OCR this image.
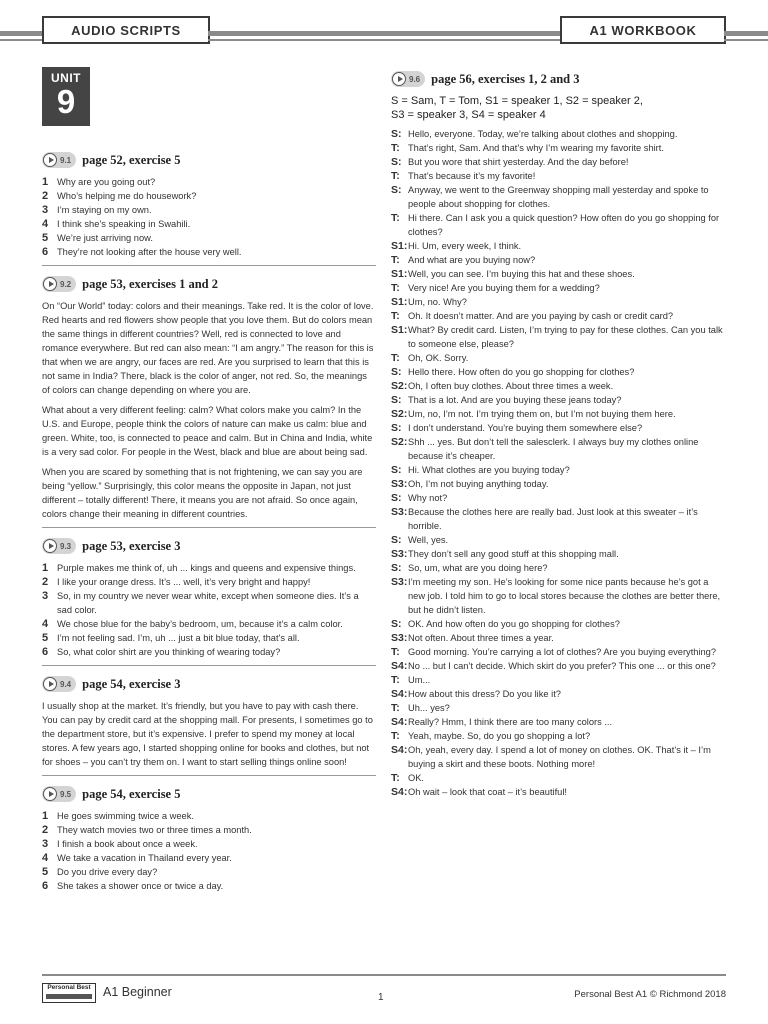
AUDIO SCRIPTS	A1 WORKBOOK
UNIT
9
9.1 page 52, exercise 5
1 Why are you going out?
2 Who’s helping me do housework?
3 I’m staying on my own.
4 I think she’s speaking in Swahili.
5 We’re just arriving now.
6 They’re not looking after the house very well.
9.2 page 53, exercises 1 and 2

On “Our World” today: colors and their meanings. Take red. It is the color of love. Red hearts and red flowers show people that you love them. But do colors mean the same things in different countries? Well, red is connected to love and romance everywhere. But red can also mean: “I am angry.” The reason for this is that when we are angry, our faces are red. Are you surprised to learn that this is not same in India? There, black is the color of anger, not red. So, the meanings of colors can change depending on where you are.

What about a very different feeling: calm? What colors make you calm? In the U.S. and Europe, people think the colors of nature can make us calm: blue and green. White, too, is connected to peace and calm. But in China and India, white is a very sad color. For people in the West, black and blue are about being sad.

When you are scared by something that is not frightening, we can say you are being “yellow.” Surprisingly, this color means the opposite in Japan, not just different – totally different! There, it means you are not afraid. So once again, colors change their meaning in different countries.

9.3 page 53, exercise 3
1 Purple makes me think of, uh ... kings and queens and expensive things.
2 I like your orange dress. It’s ... well, it’s very bright and happy!
3 So, in my country we never wear white, except when someone dies. It’s a sad color.
4 We chose blue for the baby’s bedroom, um, because it’s a calm color.
5 I’m not feeling sad. I’m, uh ... just a bit blue today, that’s all.
6 So, what color shirt are you thinking of wearing today?
9.4 page 54, exercise 3

I usually shop at the market. It’s friendly, but you have to pay with cash there. You can pay by credit card at the shopping mall. For presents, I sometimes go to the department store, but it’s expensive. I prefer to spend my money at local stores. A few years ago, I started shopping online for books and clothes, but not for shoes – you can’t try them on. I want to start selling things online soon!

9.5 page 54, exercise 5
1 He goes swimming twice a week.
2 They watch movies two or three times a month.
3 I finish a book about once a week.
4 We take a vacation in Thailand every year.
5 Do you drive every day?
6 She takes a shower once or twice a day.
9.6 page 56, exercises 1, 2 and 3
S = Sam, T = Tom, S1 = speaker 1, S2 = speaker 2,
S3 = speaker 3, S4 = speaker 4
S: Hello, everyone. Today, we’re talking about clothes and shopping.
T: That’s right, Sam. And that’s why I’m wearing my favorite shirt.
S: But you wore that shirt yesterday. And the day before!
T: That’s because it’s my favorite!
S: Anyway, we went to the Greenway shopping mall yesterday and spoke to people about shopping for clothes.
T: Hi there. Can I ask you a quick question? How often do you go shopping for clothes?
S1: Hi. Um, every week, I think.
T: And what are you buying now?
S1: Well, you can see. I’m buying this hat and these shoes.
T: Very nice! Are you buying them for a wedding?
S1: Um, no. Why?
T: Oh. It doesn’t matter. And are you paying by cash or credit card?
S1: What? By credit card. Listen, I’m trying to pay for these clothes. Can you talk to someone else, please?
T: Oh, OK. Sorry.
S: Hello there. How often do you go shopping for clothes?
S2: Oh, I often buy clothes. About three times a week.
S: That is a lot. And are you buying these jeans today?
S2: Um, no, I’m not. I’m trying them on, but I’m not buying them here.
S: I don’t understand. You’re buying them somewhere else?
S2: Shh ... yes. But don’t tell the salesclerk. I always buy my clothes online because it’s cheaper.
S: Hi. What clothes are you buying today?
S3: Oh, I’m not buying anything today.
S: Why not?
S3: Because the clothes here are really bad. Just look at this sweater – it’s horrible.
S: Well, yes.
S3: They don’t sell any good stuff at this shopping mall.
S: So, um, what are you doing here?
S3: I’m meeting my son. He’s looking for some nice pants because he’s got a new job. I told him to go to local stores because the clothes are better there, but he didn’t listen.
S: OK. And how often do you go shopping for clothes?
S3: Not often. About three times a year.
T: Good morning. You’re carrying a lot of clothes? Are you buying everything?
S4: No ... but I can’t decide. Which skirt do you prefer? This one ... or this one?
T: Um...
S4: How about this dress? Do you like it?
T: Uh... yes?
S4: Really? Hmm, I think there are too many colors ...
T: Yeah, maybe. So, do you go shopping a lot?
S4: Oh, yeah, every day. I spend a lot of money on clothes. OK. That’s it – I’m buying a skirt and these boots. Nothing more!
T: OK.
S4: Oh wait – look that coat – it’s beautiful!
Personal Best A1 Beginner	1	Personal Best A1 © Richmond 2018
